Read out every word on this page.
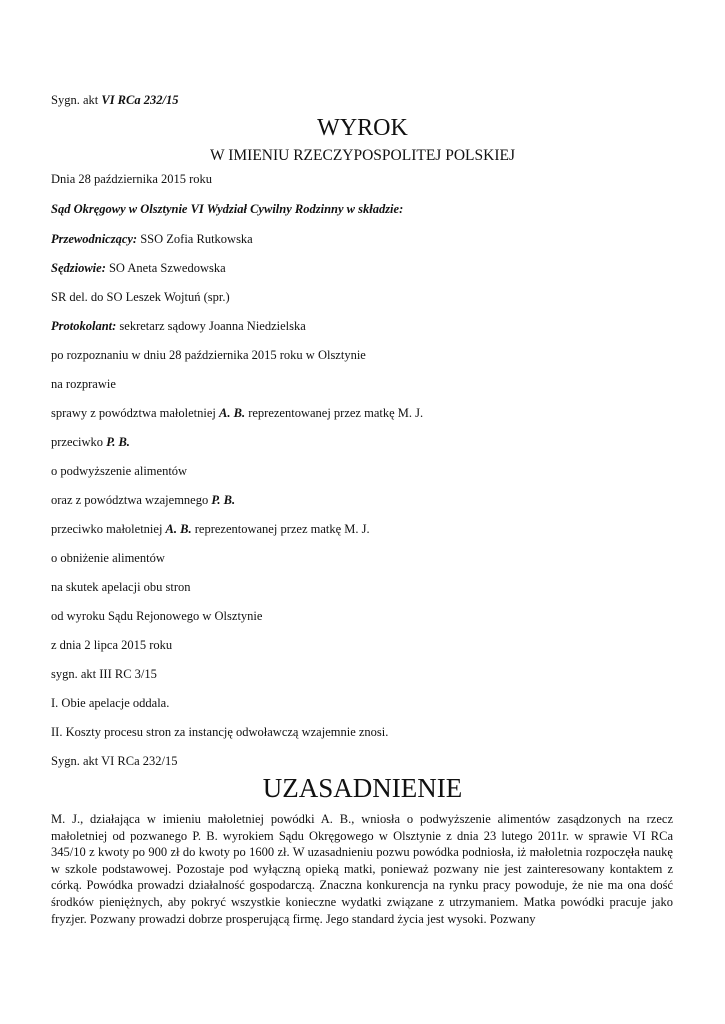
Sygn. akt VI RCa 232/15
WYROK
W IMIENIU RZECZYPOSPOLITEJ POLSKIEJ
Dnia 28 października 2015 roku
Sąd Okręgowy w Olsztynie VI Wydział Cywilny Rodzinny w składzie:
Przewodniczący: SSO Zofia Rutkowska
Sędziowie: SO Aneta Szwedowska
SR del. do SO Leszek Wojtuń (spr.)
Protokolant: sekretarz sądowy Joanna Niedzielska
po rozpoznaniu w dniu 28 października 2015 roku w Olsztynie
na rozprawie
sprawy z powództwa małoletniej A. B. reprezentowanej przez matkę M. J.
przeciwko P. B.
o podwyższenie alimentów
oraz z powództwa wzajemnego P. B.
przeciwko małoletniej A. B. reprezentowanej przez matkę M. J.
o obniżenie alimentów
na skutek apelacji obu stron
od wyroku Sądu Rejonowego w Olsztynie
z dnia 2 lipca 2015 roku
sygn. akt III RC 3/15
I. Obie apelacje oddala.
II. Koszty procesu stron za instancję odwoławczą wzajemnie znosi.
Sygn. akt VI RCa 232/15
UZASADNIENIE
M. J., działająca w imieniu małoletniej powódki A. B., wniosła o podwyższenie alimentów zasądzonych na rzecz małoletniej od pozwanego P. B. wyrokiem Sądu Okręgowego w Olsztynie z dnia 23 lutego 2011r. w sprawie VI RCa 345/10 z kwoty po 900 zł do kwoty po 1600 zł. W uzasadnieniu pozwu powódka podniosła, iż małoletnia rozpoczęła naukę w szkole podstawowej. Pozostaje pod wyłączną opieką matki, ponieważ pozwany nie jest zainteresowany kontaktem z córką. Powódka prowadzi działalność gospodarczą. Znaczna konkurencja na rynku pracy powoduje, że nie ma ona dość środków pieniężnych, aby pokryć wszystkie konieczne wydatki związane z utrzymaniem. Matka powódki pracuje jako fryzjer. Pozwany prowadzi dobrze prosperującą firmę. Jego standard życia jest wysoki. Pozwany
